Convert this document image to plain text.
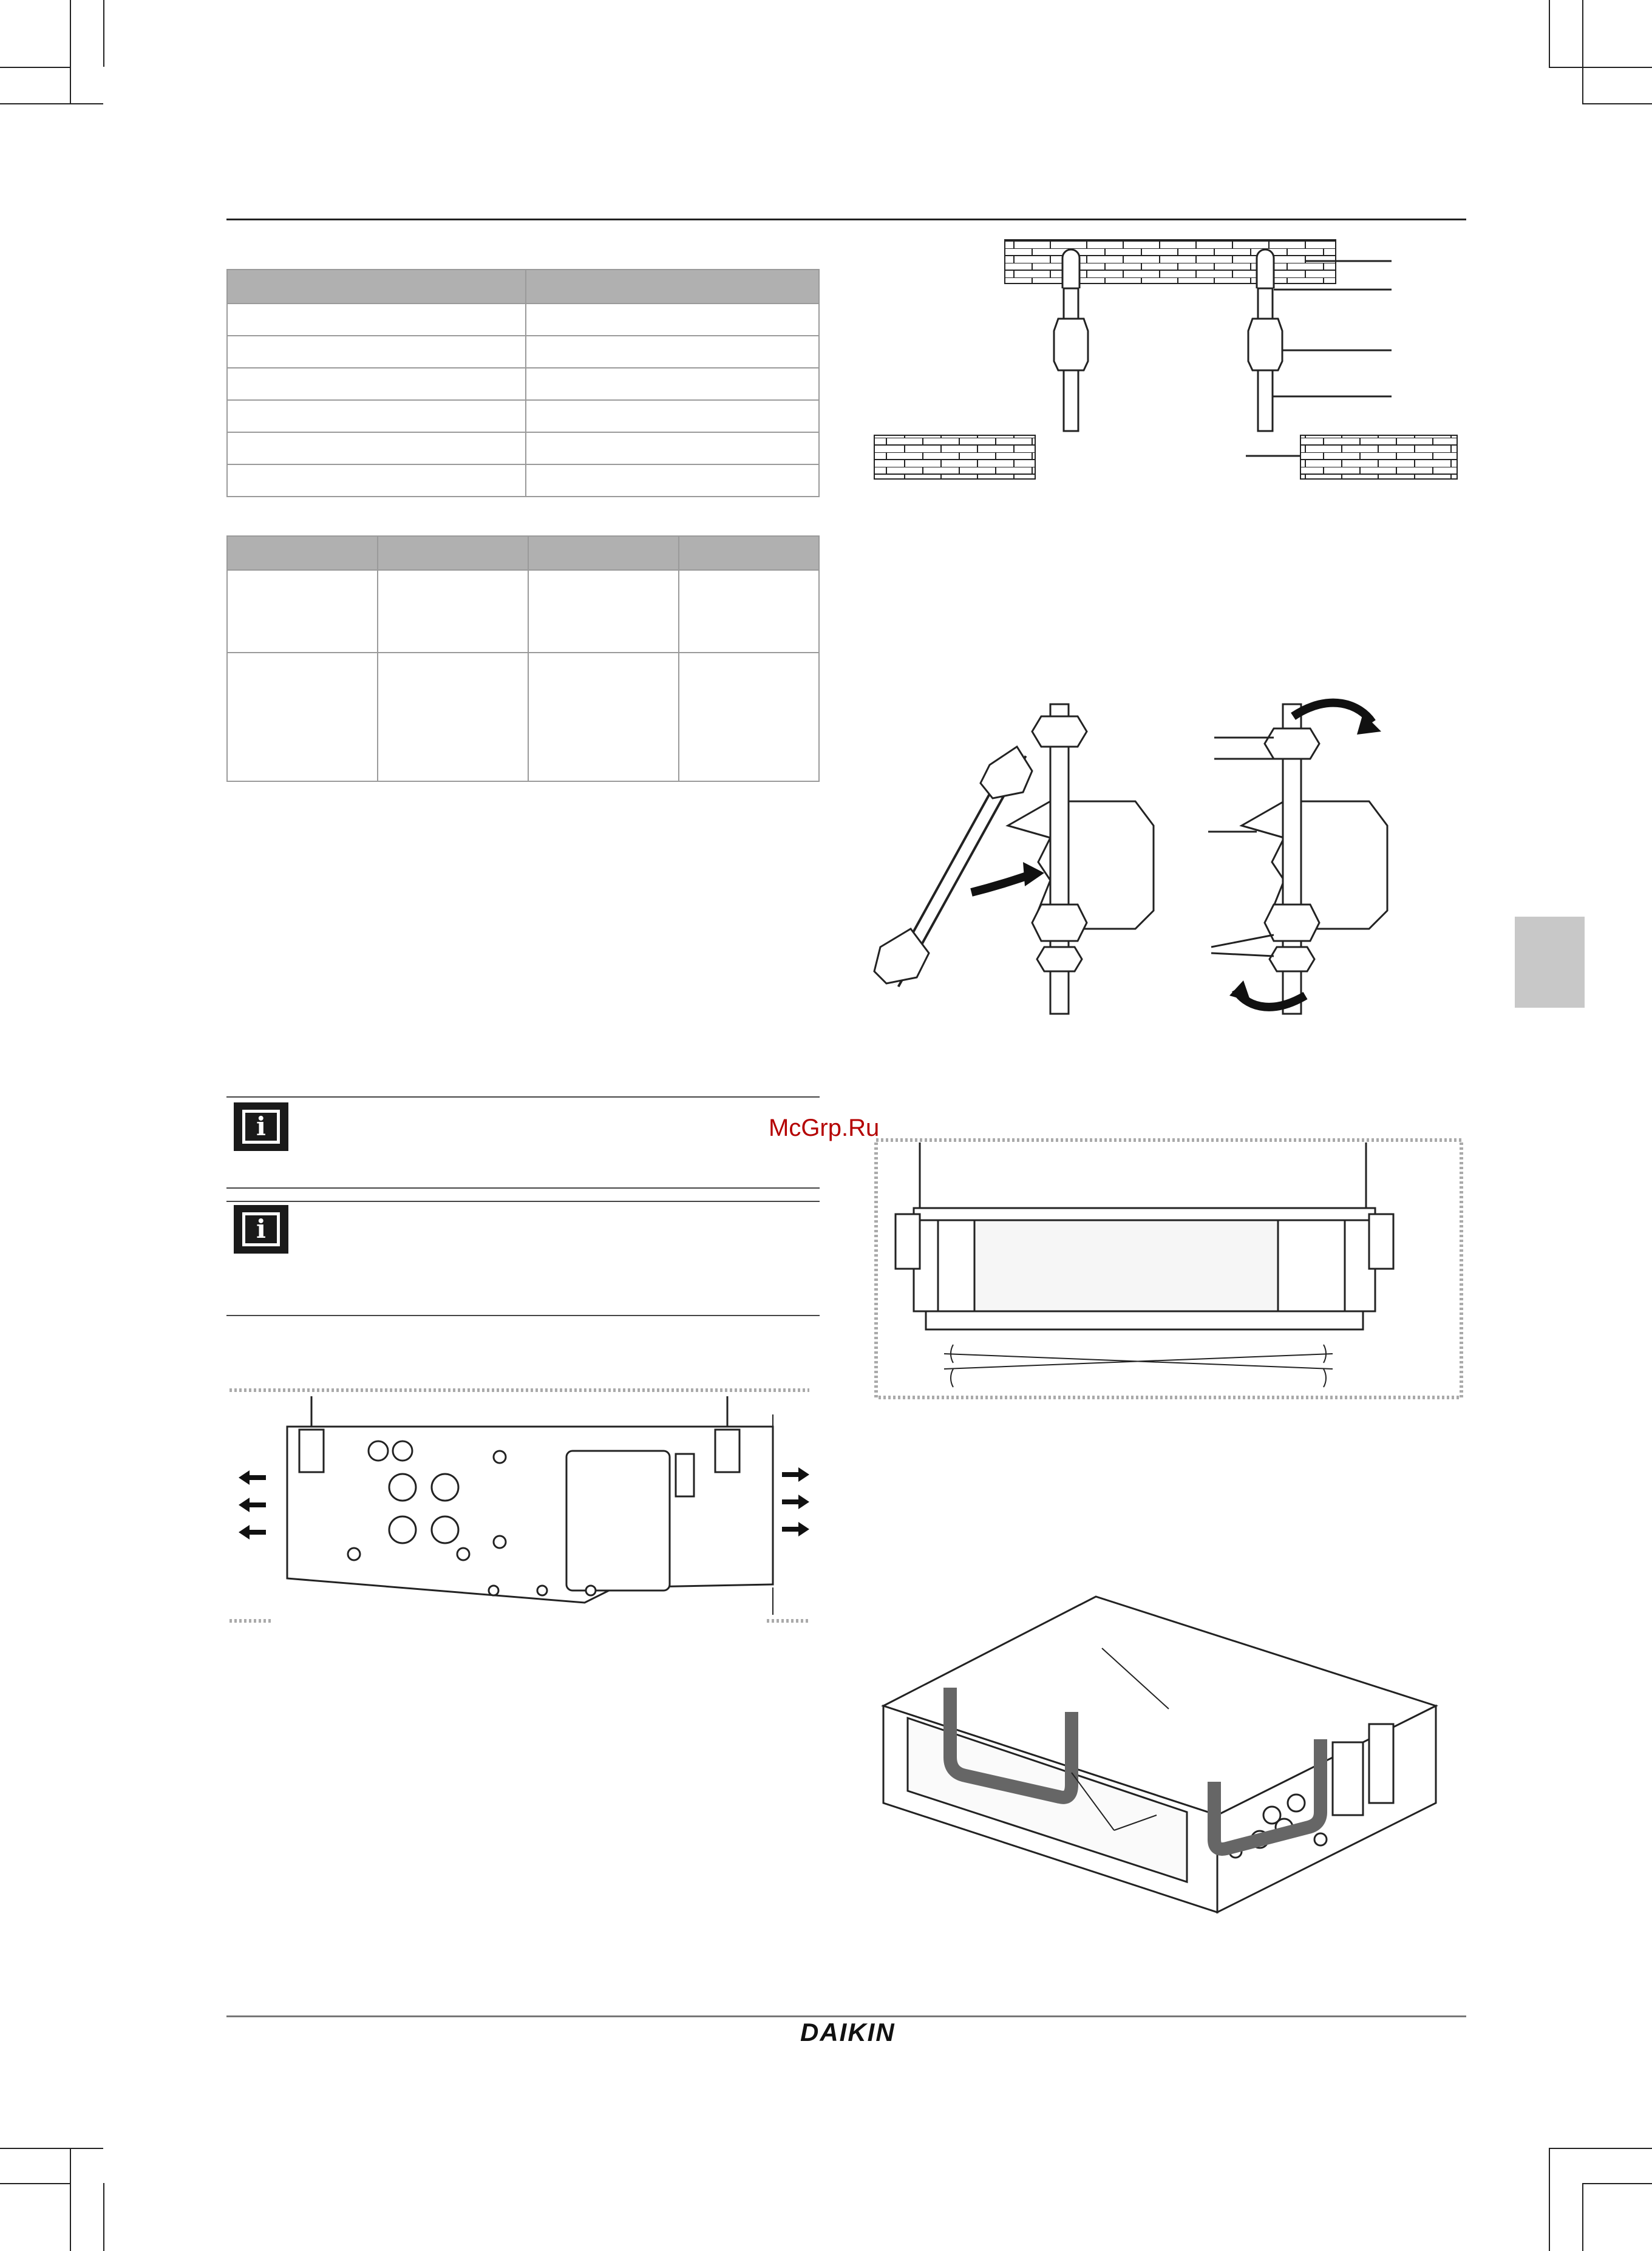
i
i
McGrp.Ru
DAIKIN
